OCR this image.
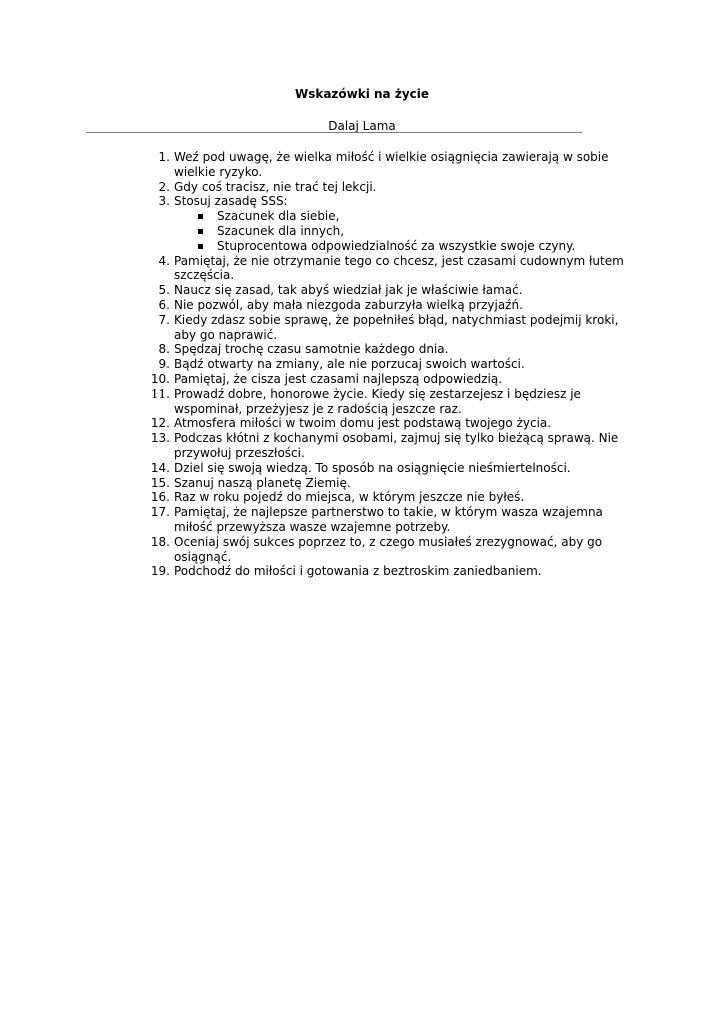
Wskazówki na życie
Dalaj Lama
1. Weź pod uwagę, że wielka miłość i wielkie osiągnięcia zawierają w sobie wielkie ryzyko.
2. Gdy coś tracisz, nie trać tej lekcji.
3. Stosuj zasadę SSS:
Szacunek dla siebie,
Szacunek dla innych,
Stuprocentowa odpowiedzialność za wszystkie swoje czyny.
4. Pamiętaj, że nie otrzymanie tego co chcesz, jest czasami cudownym łutem szczęścia.
5. Naucz się zasad, tak abyś wiedział jak je właściwie łamać.
6. Nie pozwól, aby mała niezgoda zaburzyła wielką przyjaźń.
7. Kiedy zdasz sobie sprawę, że popełniłeś błąd, natychmiast podejmij kroki, aby go naprawić.
8. Spędzaj trochę czasu samotnie każdego dnia.
9. Bądź otwarty na zmiany, ale nie porzucaj swoich wartości.
10. Pamiętaj, że cisza jest czasami najlepszą odpowiedzią.
11. Prowadź dobre, honorowe życie. Kiedy się zestarzejesz i będziesz je wspominał, przeżyjesz je z radością jeszcze raz.
12. Atmosfera miłości w twoim domu jest podstawą twojego życia.
13. Podczas kłótni z kochanymi osobami, zajmuj się tylko bieżącą sprawą. Nie przywołuj przeszłości.
14. Dziel się swoją wiedzą. To sposób na osiągnięcie nieśmiertelności.
15. Szanuj naszą planetę Ziemię.
16. Raz w roku pojedź do miejsca, w którym jeszcze nie byłeś.
17. Pamiętaj, że najlepsze partnerstwo to takie, w którym wasza wzajemna miłość przewyższa wasze wzajemne potrzeby.
18. Oceniaj swój sukces poprzez to, z czego musiałeś zrezygnować, aby go osiągnąć.
19. Podchodź do miłości i gotowania z beztroskim zaniedbaniem.
